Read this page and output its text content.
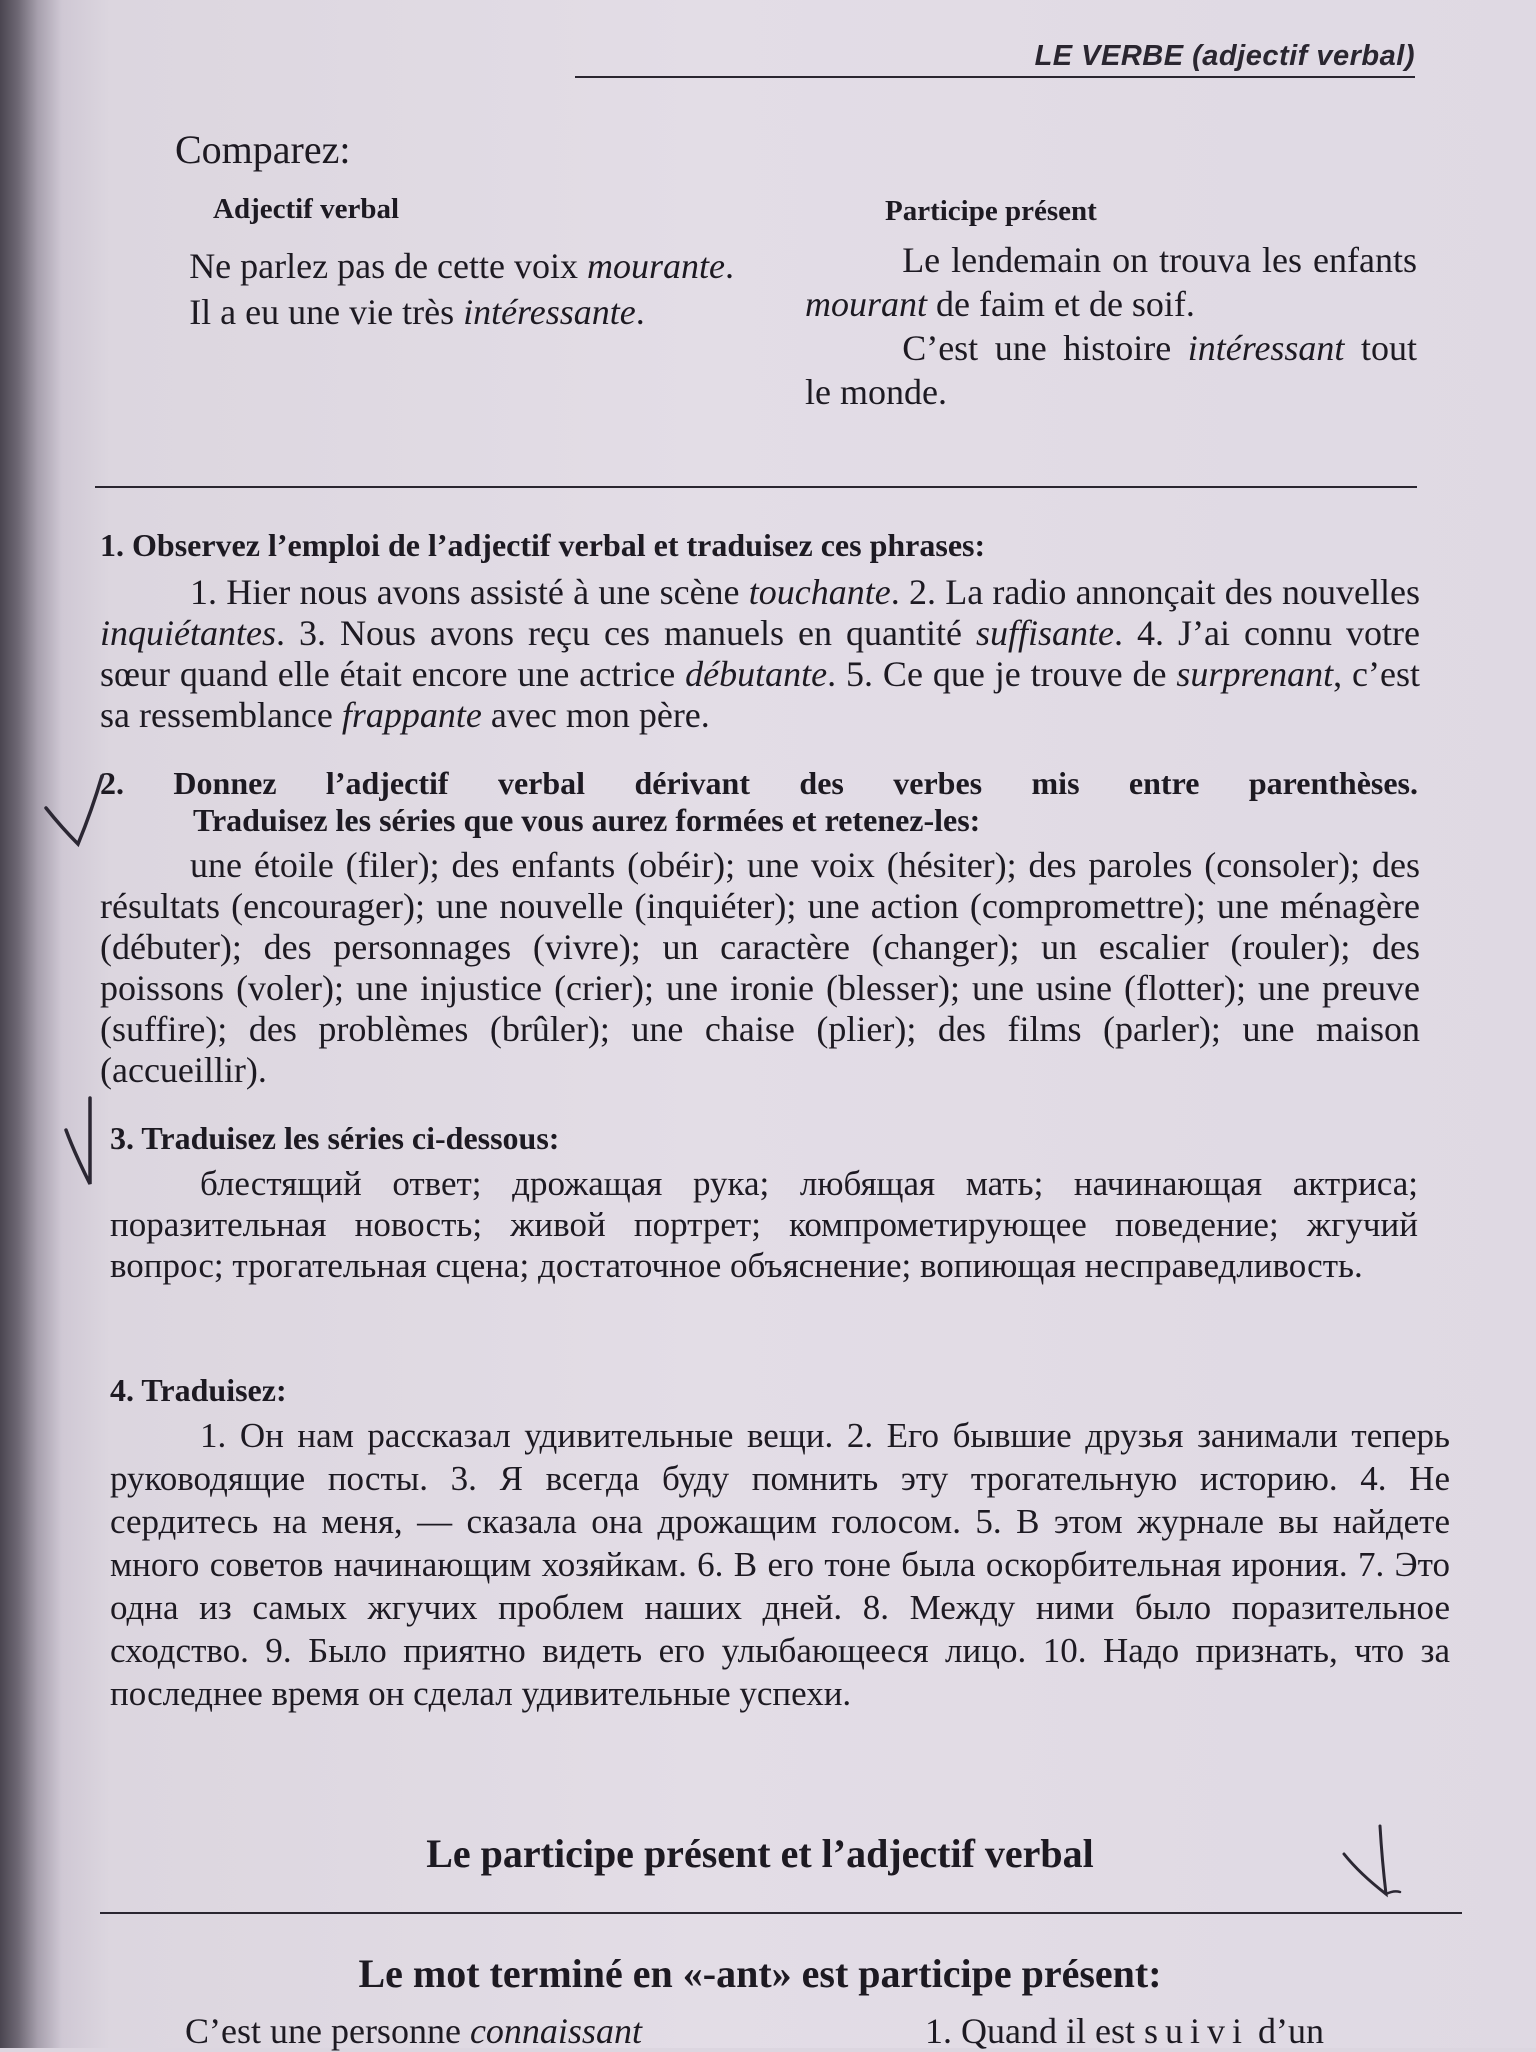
LE VERBE (adjectif verbal)
Comparez:
Adjectif verbal	Participe présent

Ne parlez pas de cette voix mourante.

Il a eu une vie très intéressante.

Le lendemain on trouva les enfants mourant de faim et de soif.

C’est une histoire intéressant tout le monde.

1. Observez l’emploi de l’adjectif verbal et traduisez ces phrases:
1. Hier nous avons assisté à une scène touchante. 2. La radio annonçait des nouvelles inquiétantes. 3. Nous avons reçu ces manuels en quantité suffisante. 4. J’ai connu votre sœur quand elle était encore une actrice débutante. 5. Ce que je trouve de surprenant, c’est sa ressemblance frappante avec mon père.
2. Donnez l’adjectif verbal dérivant des verbes mis entre parenthèses.
Traduisez les séries que vous aurez formées et retenez-les:
une étoile (filer); des enfants (obéir); une voix (hésiter); des paroles (consoler); des résultats (encourager); une nouvelle (inquiéter); une action (compromettre); une ménagère (débuter); des personnages (vivre); un caractère (changer); un escalier (rouler); des poissons (voler); une injustice (crier); une ironie (blesser); une usine (flotter); une preuve (suffire); des problèmes (brûler); une chaise (plier); des films (parler); une maison (accueillir).
3. Traduisez les séries ci-dessous:
блестящий ответ; дрожащая рука; любящая мать; начинающая актриса; поразительная новость; живой портрет; компрометирующее поведение; жгучий вопрос; трогательная сцена; достаточное объяснение; вопиющая несправедливость.
4. Traduisez:
1. Он нам рассказал удивительные вещи. 2. Его бывшие друзья занимали теперь руководящие посты. 3. Я всегда буду помнить эту трогательную историю. 4. Не сердитесь на меня, — сказала она дрожащим голосом. 5. В этом журнале вы найдете много советов начинающим хозяйкам. 6. В его тоне была оскорбительная ирония. 7. Это одна из самых жгучих проблем наших дней. 8. Между ними было поразительное сходство. 9. Было приятно видеть его улыбающееся лицо. 10. Надо признать, что за последнее время он сделал удивительные успехи.
Le participe présent et l’adjectif verbal
Le mot terminé en «-ant» est participe présent:
C’est une personne connaissant	1. Quand il est suivi d’un
